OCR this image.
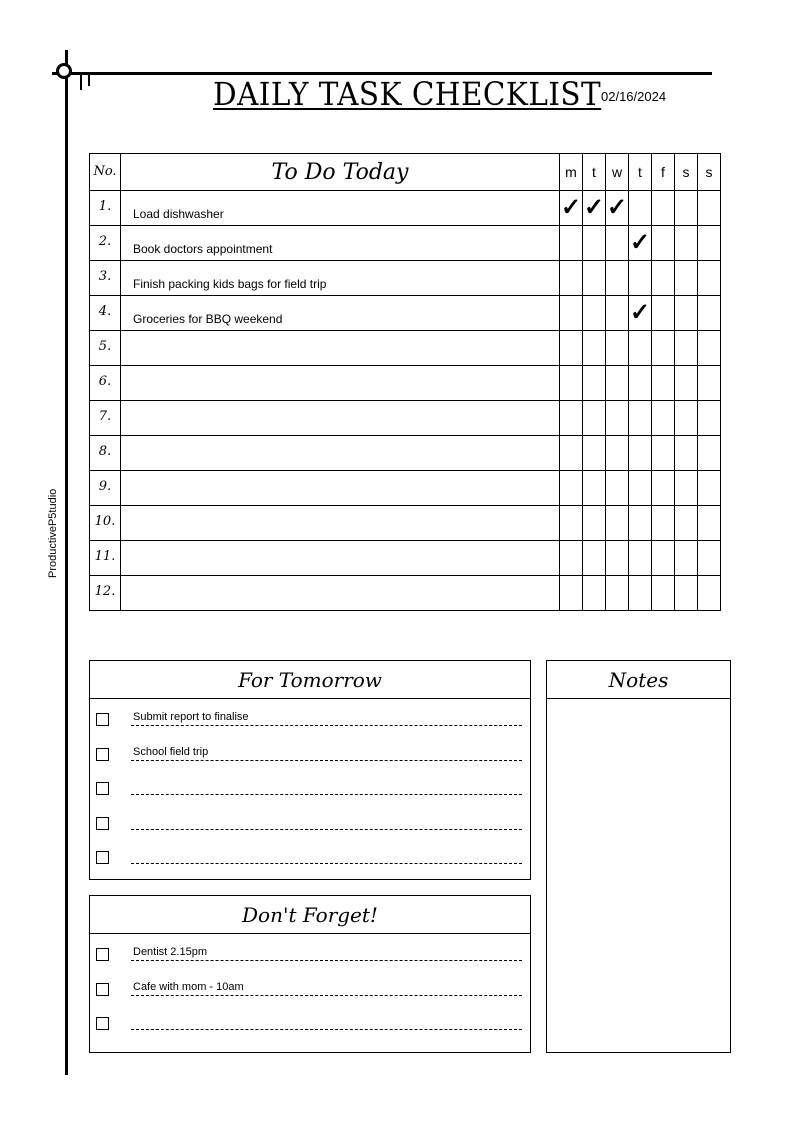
DAILY TASK CHECKLIST 02/16/2024
ProductiveP5tudio
No.	To Do Today	m	t	w	t	f	s	s

1.	Load dishwasher	✓	✓	✓				

2.	Book doctors appointment				✓			

3.	Finish packing kids bags for field trip							

4.	Groceries for BBQ weekend				✓			

5.								

6.								

7.								

8.								

9.								

10.								

11.								

12.								

For Tomorrow
Submit report to finalise
School field trip
Don't Forget!
Dentist 2.15pm
Cafe with mom - 10am
Notes
